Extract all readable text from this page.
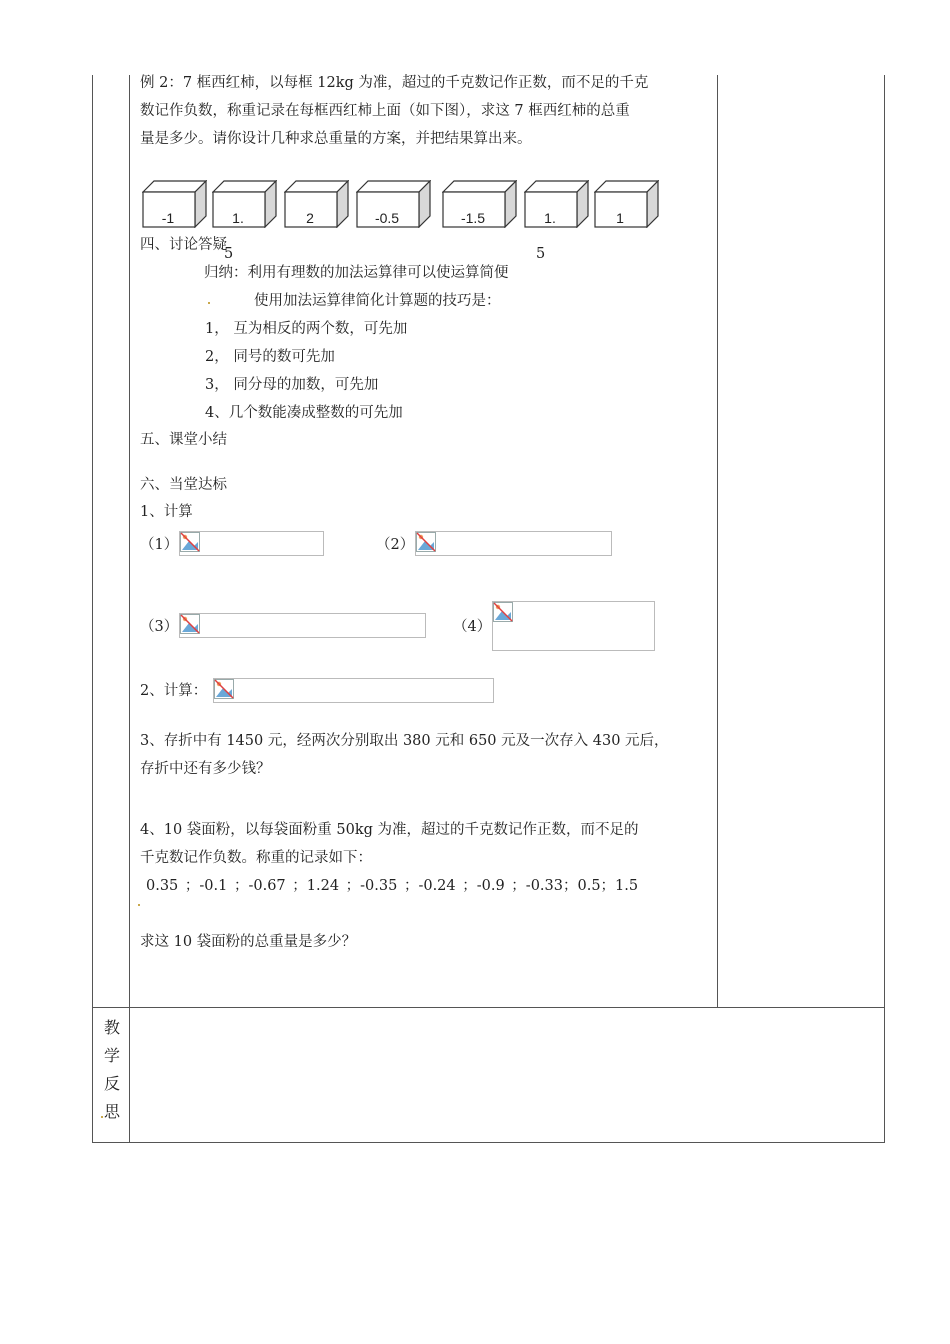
例 2：7 框西红柿，以每框 12kg 为准，超过的千克数记作正数，而不足的千克
数记作负数，称重记录在每框西红柿上面（如下图），求这 7 框西红柿的总重
量是多少。请你设计几种求总重量的方案，并把结果算出来。
-1	1.	2	-0.5	-1.5	1.	1
5	5
四、讨论答疑
归纳：利用有理数的加法运算律可以使运算简便
使用加法运算律简化计算题的技巧是：
1， 互为相反的两个数，可先加
2， 同号的数可先加
3， 同分母的加数，可先加
4、几个数能凑成整数的可先加
五、课堂小结
六、当堂达标
1、计算
（1）	（2）
（3）	（4）
2、计算：
3、存折中有 1450 元，经两次分别取出 380 元和 650 元及一次存入 430 元后，
存折中还有多少钱？
4、10 袋面粉，以每袋面粉重 50kg 为准，超过的千克数记作正数，而不足的
千克数记作负数。称重的记录如下：
0.35 ；-0.1 ；-0.67 ；1.24 ；-0.35 ；-0.24 ；-0.9 ；-0.33；0.5；1.5
求这 10 袋面粉的总重量是多少？
教
学
反
思
